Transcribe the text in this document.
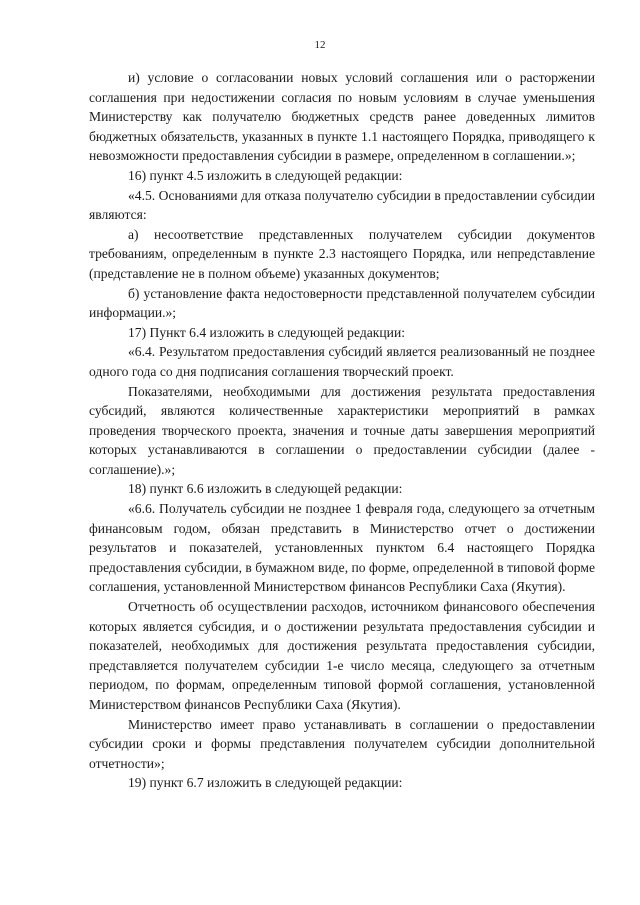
12

и) условие о согласовании новых условий соглашения или о расторжении соглашения при недостижении согласия по новым условиям в случае уменьшения Министерству как получателю бюджетных средств ранее доведенных лимитов бюджетных обязательств, указанных в пункте 1.1 настоящего Порядка, приводящего к невозможности предоставления субсидии в размере, определенном в соглашении.»;

16) пункт 4.5 изложить в следующей редакции:

«4.5. Основаниями для отказа получателю субсидии в предоставлении субсидии являются:

а) несоответствие представленных получателем субсидии документов требованиям, определенным в пункте 2.3 настоящего Порядка, или непредставление (представление не в полном объеме) указанных документов;

б) установление факта недостоверности представленной получателем субсидии информации.»;

17) Пункт 6.4 изложить в следующей редакции:

«6.4. Результатом предоставления субсидий является реализованный не позднее одного года со дня подписания соглашения творческий проект.

Показателями, необходимыми для достижения результата предоставления субсидий, являются количественные характеристики мероприятий в рамках проведения творческого проекта, значения и точные даты завершения мероприятий которых устанавливаются в соглашении о предоставлении субсидии (далее - соглашение).»;

18) пункт 6.6 изложить в следующей редакции:

«6.6. Получатель субсидии не позднее 1 февраля года, следующего за отчетным финансовым годом, обязан представить в Министерство отчет о достижении результатов и показателей, установленных пунктом 6.4 настоящего Порядка предоставления субсидии, в бумажном виде, по форме, определенной в типовой форме соглашения, установленной Министерством финансов Республики Саха (Якутия).

Отчетность об осуществлении расходов, источником финансового обеспечения которых является субсидия, и о достижении результата предоставления субсидии и показателей, необходимых для достижения результата предоставления субсидии, представляется получателем субсидии 1-е число месяца, следующего за отчетным периодом, по формам, определенным типовой формой соглашения, установленной Министерством финансов Республики Саха (Якутия).

Министерство имеет право устанавливать в соглашении о предоставлении субсидии сроки и формы представления получателем субсидии дополнительной отчетности»;

19) пункт 6.7 изложить в следующей редакции:
